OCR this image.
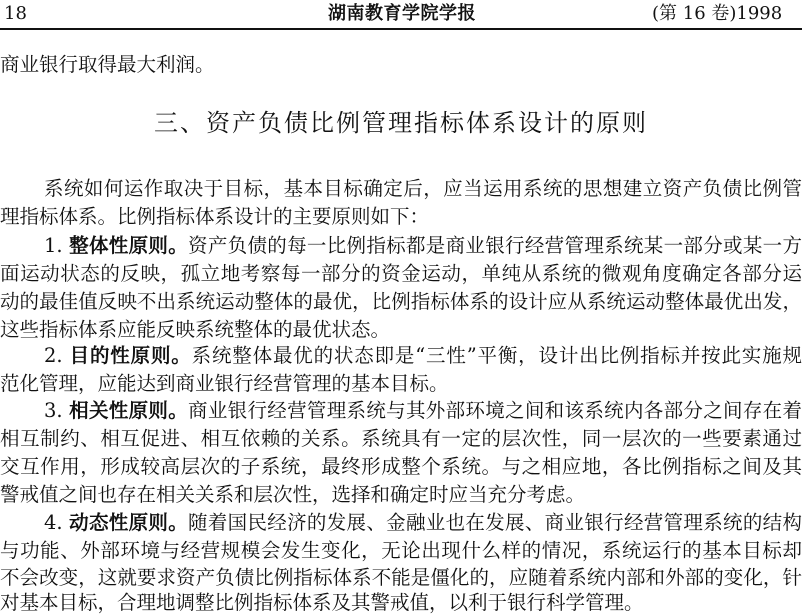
18	湖南教育学院学报	(第 16 卷)1998

商业银行取得最大利润。

三、资产负债比例管理指标体系设计的原则

系统如何运作取决于目标，基本目标确定后，应当运用系统的思想建立资产负债比例管

理指标体系。比例指标体系设计的主要原则如下：

1. 整体性原则。资产负债的每一比例指标都是商业银行经营管理系统某一部分或某一方

面运动状态的反映，孤立地考察每一部分的资金运动，单纯从系统的微观角度确定各部分运

动的最佳值反映不出系统运动整体的最优，比例指标体系的设计应从系统运动整体最优出发，

这些指标体系应能反映系统整体的最优状态。

2. 目的性原则。系统整体最优的状态即是“三性”平衡，设计出比例指标并按此实施规

范化管理，应能达到商业银行经营管理的基本目标。

3. 相关性原则。商业银行经营管理系统与其外部环境之间和该系统内各部分之间存在着

相互制约、相互促进、相互依赖的关系。系统具有一定的层次性，同一层次的一些要素通过

交互作用，形成较高层次的子系统，最终形成整个系统。与之相应地，各比例指标之间及其

警戒值之间也存在相关关系和层次性，选择和确定时应当充分考虑。

4. 动态性原则。随着国民经济的发展、金融业也在发展、商业银行经营管理系统的结构

与功能、外部环境与经营规模会发生变化，无论出现什么样的情况，系统运行的基本目标却

不会改变，这就要求资产负债比例指标体系不能是僵化的，应随着系统内部和外部的变化，针

对基本目标，合理地调整比例指标体系及其警戒值，以利于银行科学管理。
